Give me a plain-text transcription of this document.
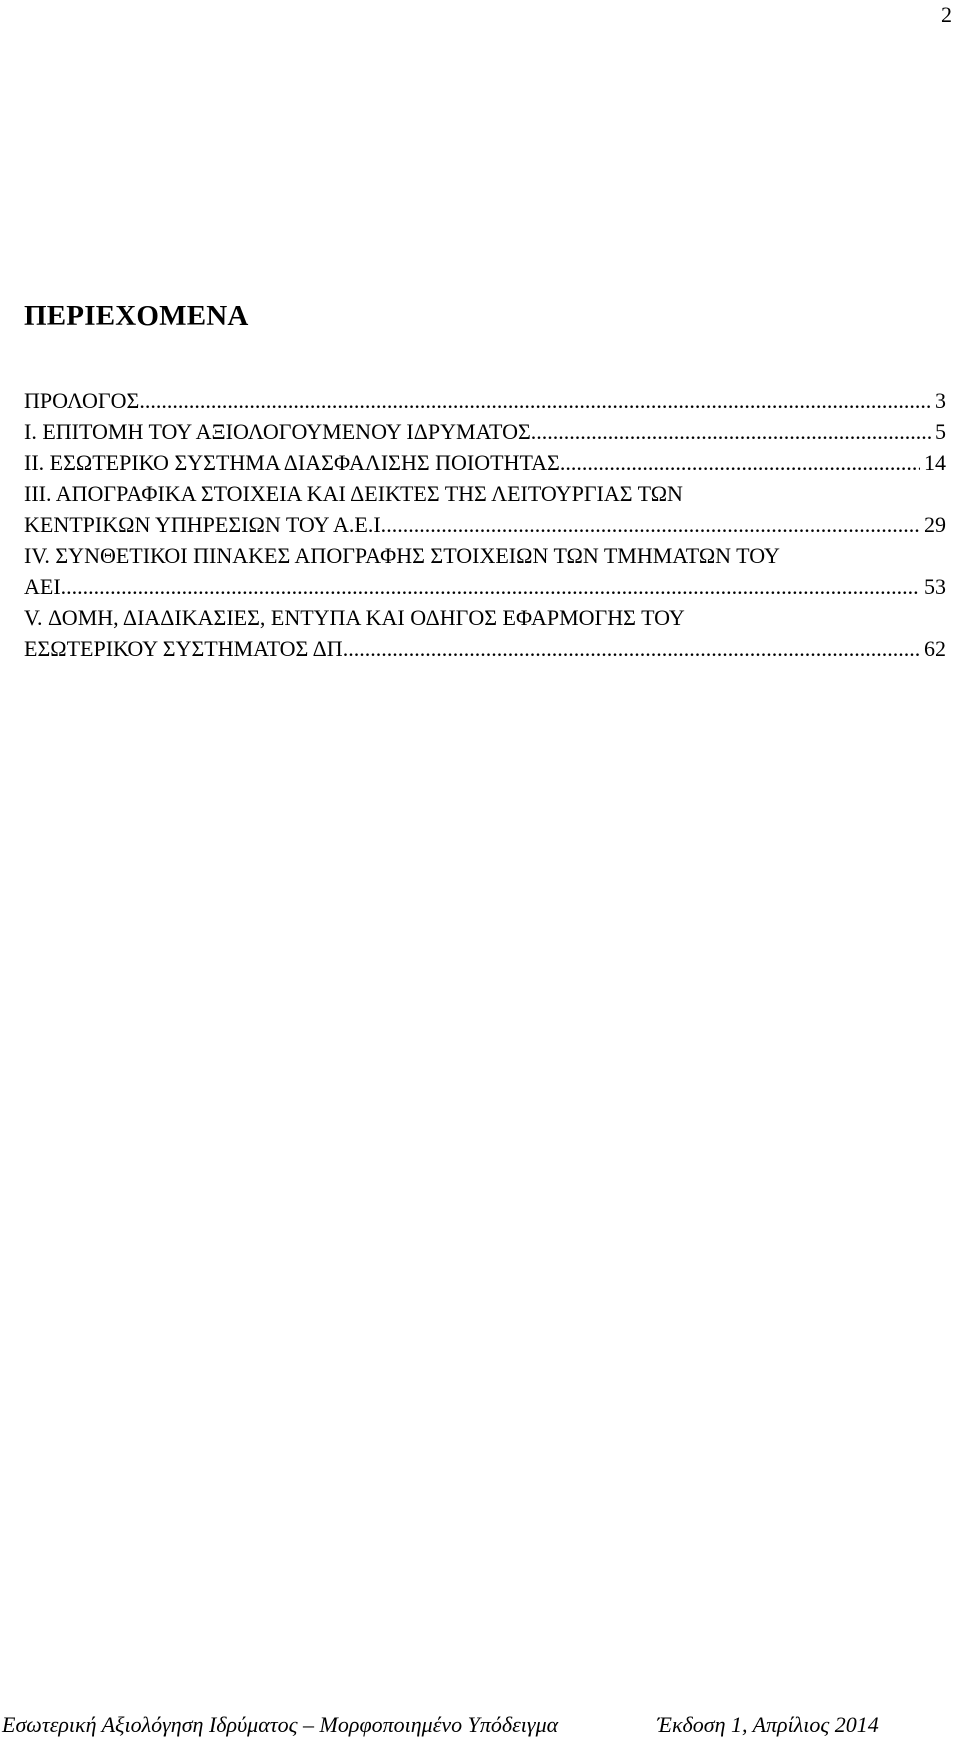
2
ΠΕΡΙΕΧΟΜΕΝΑ
ΠΡΟΛΟΓΟΣ .....	3
Ι. ΕΠΙΤΟΜΗ ΤΟΥ ΑΞΙΟΛΟΓΟΥΜΕΝΟΥ ΙΔΡΥΜΑΤΟΣ .....	5
ΙΙ. ΕΣΩΤΕΡΙΚΟ ΣΥΣΤΗΜΑ ΔΙΑΣΦΑΛΙΣΗΣ ΠΟΙΟΤΗΤΑΣ .....	14
ΙΙΙ. ΑΠΟΓΡΑΦΙΚΑ ΣΤΟΙΧΕΙΑ ΚΑΙ ΔΕΙΚΤΕΣ ΤΗΣ ΛΕΙΤΟΥΡΓΙΑΣ ΤΩΝ
ΚΕΝΤΡΙΚΩΝ ΥΠΗΡΕΣΙΩΝ ΤΟΥ Α.Ε.Ι. .....	29
IV. ΣΥΝΘΕΤΙΚΟΙ ΠΙΝΑΚΕΣ ΑΠΟΓΡΑΦΗΣ ΣΤΟΙΧΕΙΩΝ ΤΩΝ ΤΜΗΜΑΤΩΝ ΤΟΥ
ΑΕΙ .....	53
V. ΔΟΜΗ, ΔΙΑΔΙΚΑΣΙΕΣ, ΕΝΤΥΠΑ ΚΑΙ ΟΔΗΓΟΣ ΕΦΑΡΜΟΓΗΣ ΤΟΥ
ΕΣΩΤΕΡΙΚΟΥ ΣΥΣΤΗΜΑΤΟΣ ΔΠ .....	62
Εσωτερική Αξιολόγηση Ιδρύματος – Μορφοποιημένο Υπόδειγμα	Έκδοση 1, Απρίλιος 2014
